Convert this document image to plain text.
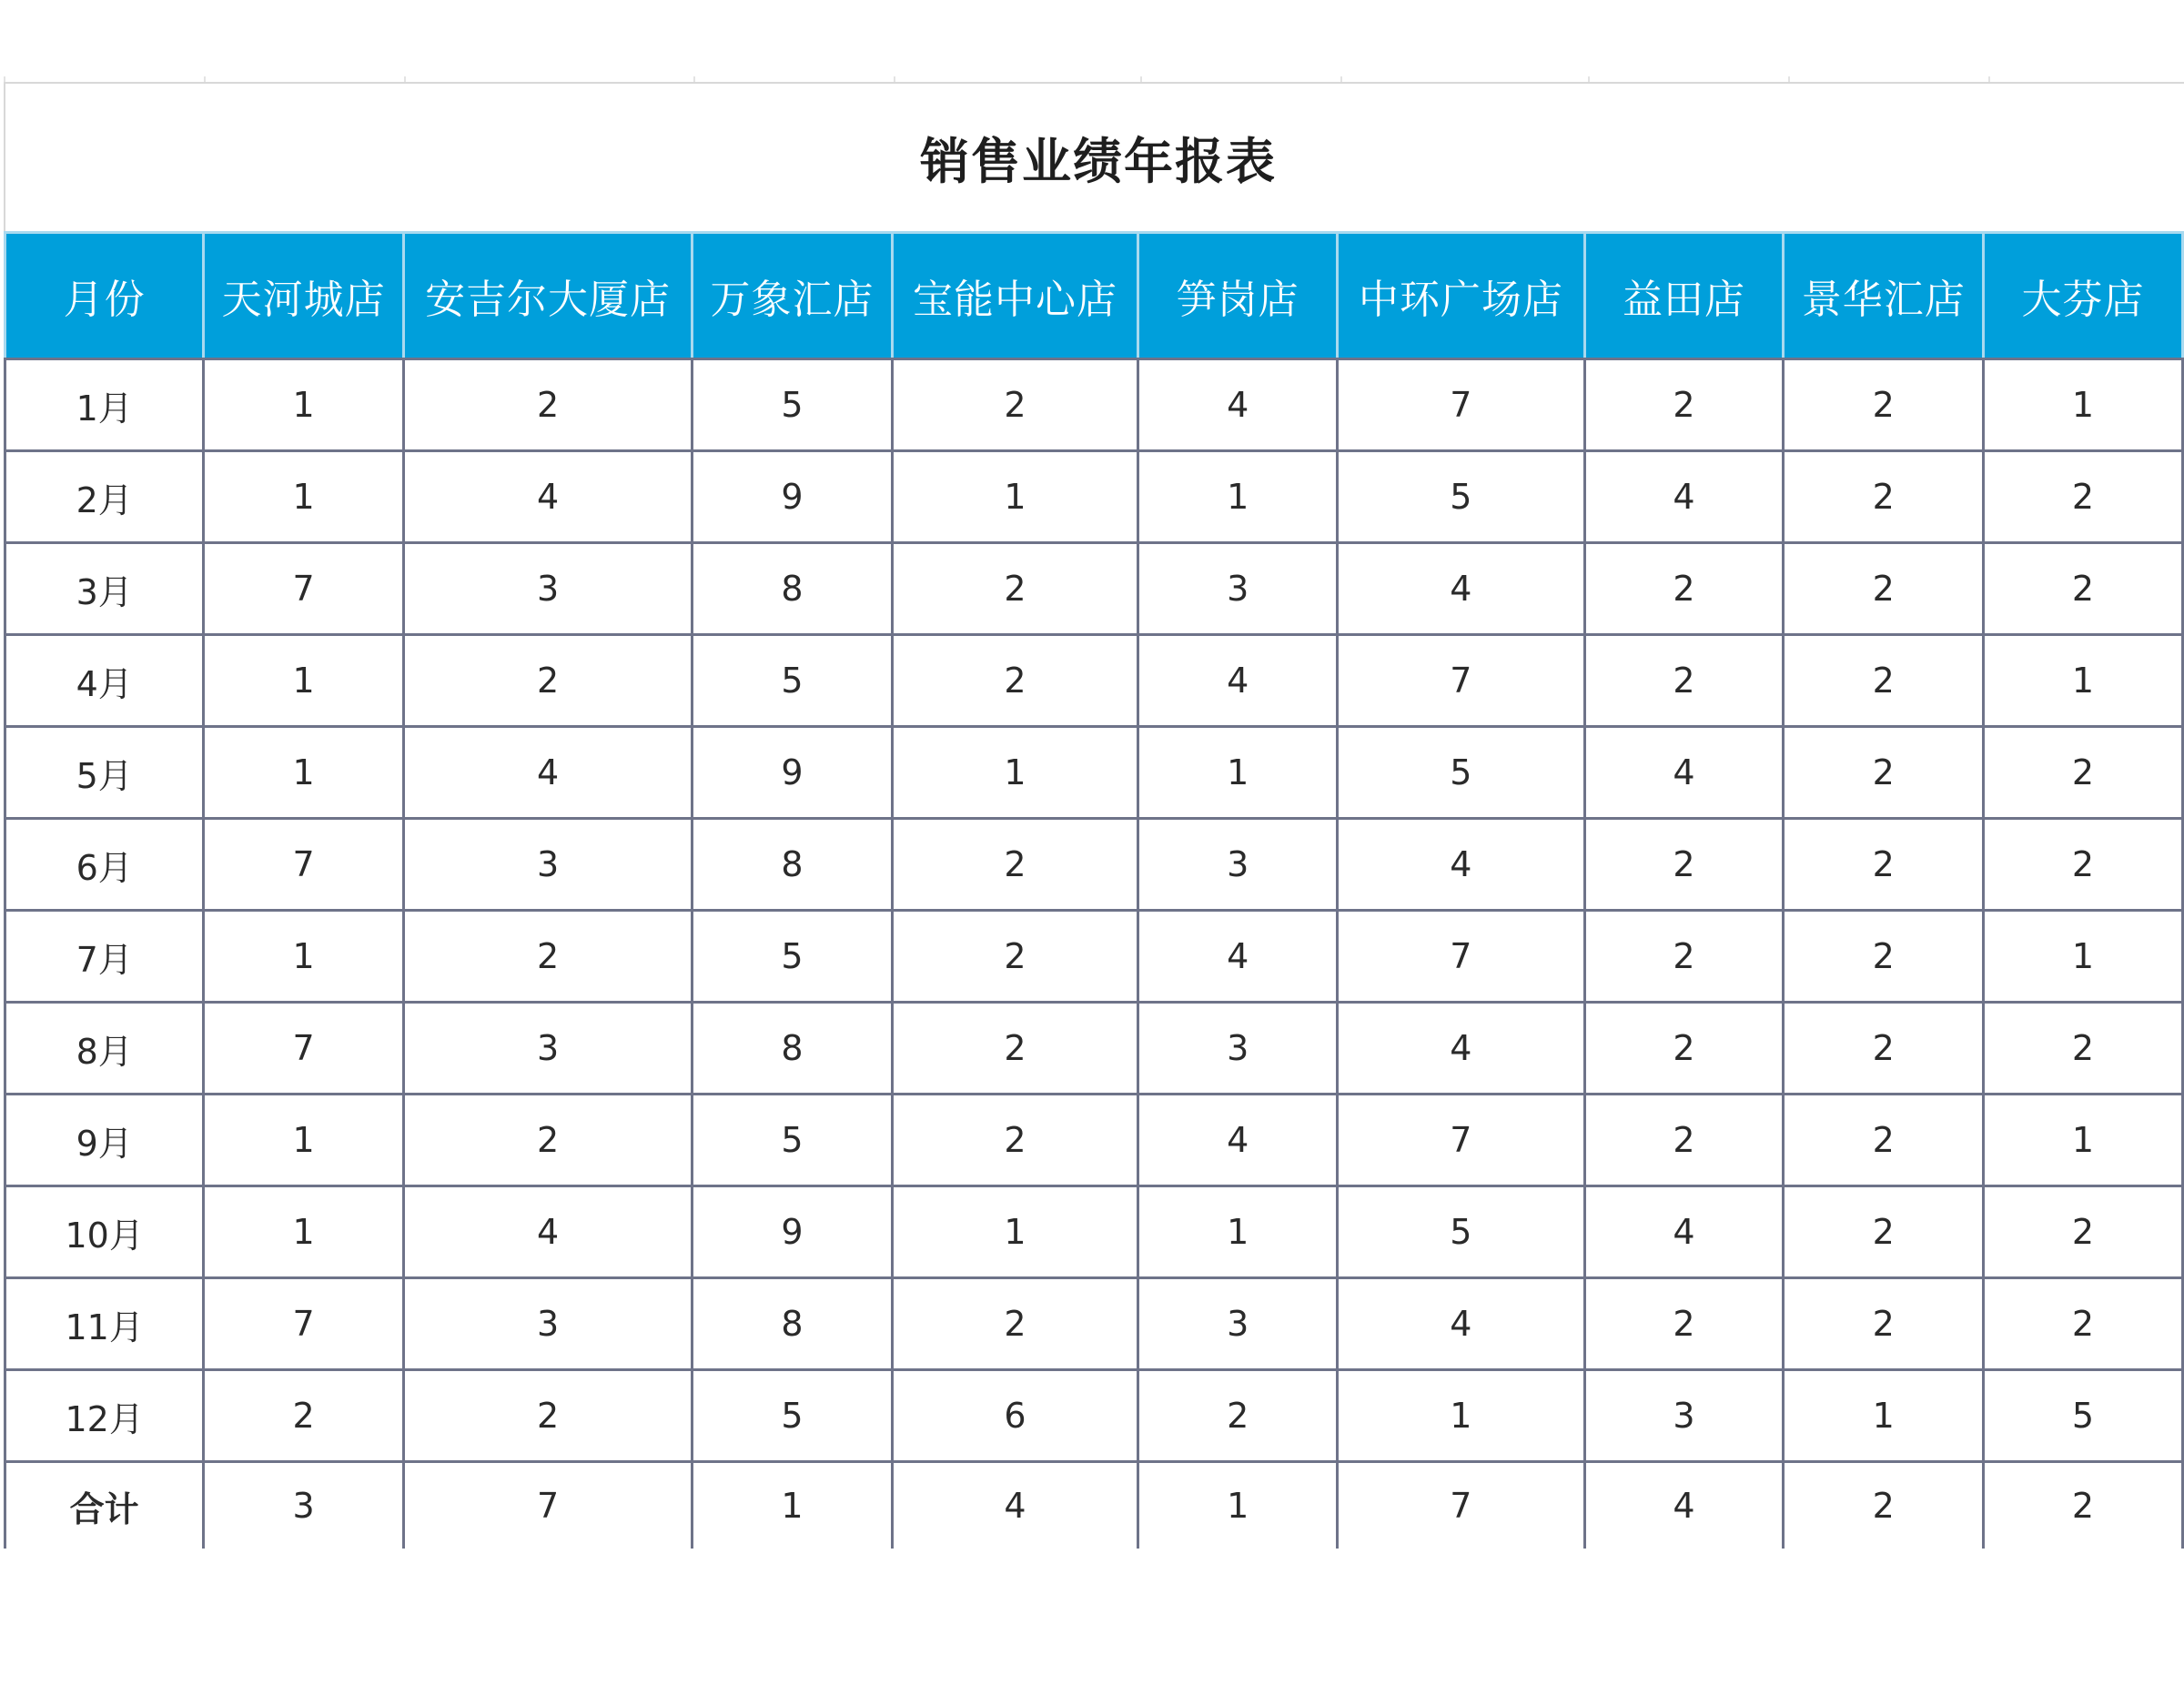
销售业绩年报表
月份	天河城店	安吉尔大厦店	万象汇店	宝能中心店	笋岗店	中环广场店	益田店	景华汇店	大芬店
1月	1	2	5	2	4	7	2	2	1
2月	1	4	9	1	1	5	4	2	2
3月	7	3	8	2	3	4	2	2	2
4月	1	2	5	2	4	7	2	2	1
5月	1	4	9	1	1	5	4	2	2
6月	7	3	8	2	3	4	2	2	2
7月	1	2	5	2	4	7	2	2	1
8月	7	3	8	2	3	4	2	2	2
9月	1	2	5	2	4	7	2	2	1
10月	1	4	9	1	1	5	4	2	2
11月	7	3	8	2	3	4	2	2	2
12月	2	2	5	6	2	1	3	1	5
合计	3	7	1	4	1	7	4	2	2
